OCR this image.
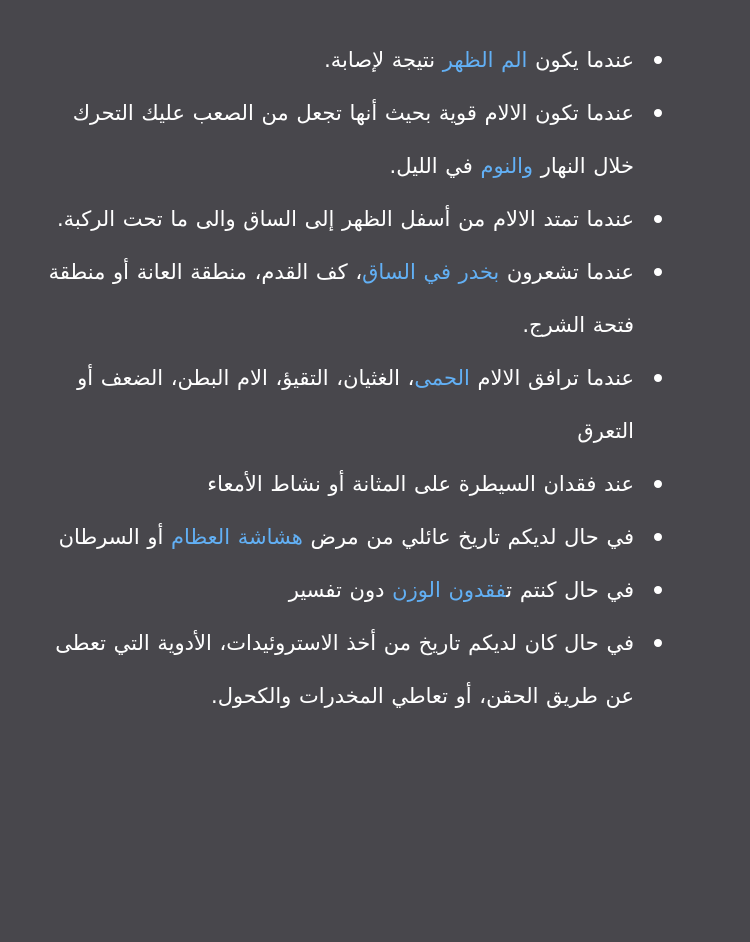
عندما يكون الم الظهر نتيجة لإصابة.
عندما تكون الالام قوية بحيث أنها تجعل من الصعب عليك التحرك خلال النهار والنوم في الليل.
عندما تمتد الالام من أسفل الظهر إلى الساق والى ما تحت الركبة.
عندما تشعرون بخدر في الساق، كف القدم، منطقة العانة أو منطقة فتحة الشرج.
عندما ترافق الالام الحمى، الغثيان، التقيؤ، الام البطن، الضعف أو التعرق
عند فقدان السيطرة على المثانة أو نشاط الأمعاء
في حال لديكم تاريخ عائلي من مرض هشاشة العظام أو السرطان
في حال كنتم تفقدون الوزن دون تفسير
في حال كان لديكم تاريخ من أخذ الاستروئيدات، الأدوية التي تعطى عن طريق الحقن، أو تعاطي المخدرات والكحول.
